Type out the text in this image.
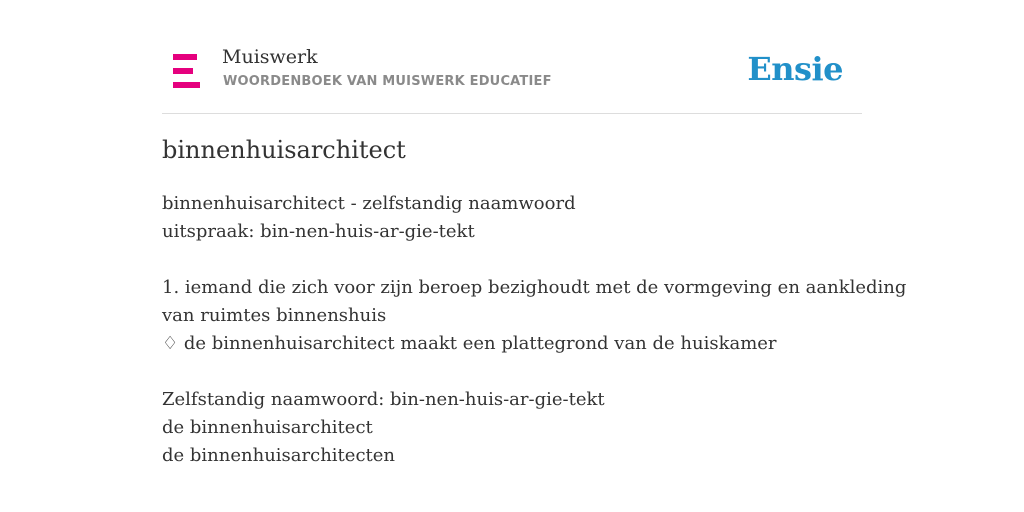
Muiswerk
WOORDENBOEK VAN MUISWERK EDUCATIEF	Ensie
binnenhuisarchitect
binnenhuisarchitect - zelfstandig naamwoord
uitspraak: bin-nen-huis-ar-gie-tekt
1. iemand die zich voor zijn beroep bezighoudt met de vormgeving en aankleding
van ruimtes binnenshuis
♢ de binnenhuisarchitect maakt een plattegrond van de huiskamer
Zelfstandig naamwoord: bin-nen-huis-ar-gie-tekt
de binnenhuisarchitect
de binnenhuisarchitecten
